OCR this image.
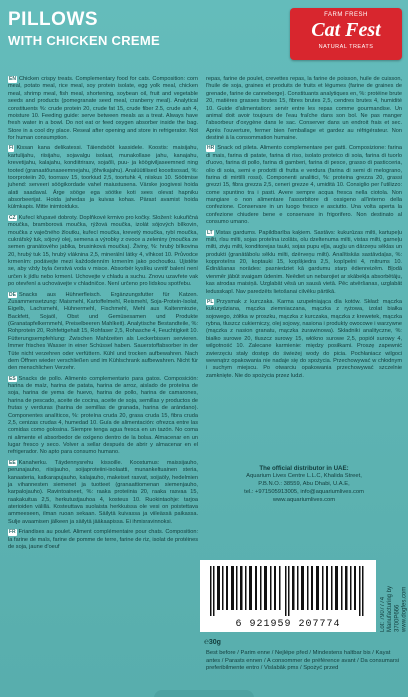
PILLOWS
WITH CHICKEN CREME
FARM FRESH
Cat Fest
NATURAL TREATS

EN Chicken crispy treats. Complementary food for cats. Composition: corn meal, potato meal, rice meal, soy protein isolate, egg yolk meal, chicken meal, shrimp meal, fish meal, shortening, soybean oil, fruit and vegetable seeds and products (pomegranate seed meal, cranberry meal). Analytical constituents %: crude protein 20, crude fat 15, crude fiber 2.5, crude ash 4, moisture 10. Feeding guide: serve between meals as a treat. Always have fresh water in a bowl. Do not eat or feed oxygen absorber inside the bag. Store in a cool dry place. Reseal after opening and store in refrigerator. Not for human consumption.

FI Kissan kana delikatessi. Täiendsööt kassidele. Koostis: maisijahu, kartulijahu, riisijahu, sojavalgu isolaat, munakollase jahu, kanajahu, krevetijahu, kalajahu, kondiitrirasv, sojaõli, puu- ja köögiviljaseemned ning tooted (granaatõunaseemnejahu, jõhvikajahu). Analüütilised koostisosad, %: toorproteiin 20, toorrasv 15, toorkiud 2,5, toortuhk 4, niiskus 10. Söötmise juhend: serveeri söögikordade vahel maiustusena. Värske joogivesi hoida alati saadaval. Ärge sööge ega söötke koti sees olevat hapniku absorbeerijat. Hoida jahedas ja kuivas kohas. Pärast avamist hoida külmkapis. Mitte inimtoiduks.

CZ Kuřecí křupavé dobroty. Doplňkové krmivo pro kočky. Složení: kukuřičná moučka, bramborová moučka, rýžová moučka, izolát sójových bílkovin, moučka z vaječného žloutku, kuřecí moučka, krevetý moučka, rybí moučka, cukrářský tuk, sójový olej, semena a výrobky z ovoce a zeleniny (moučka ze semen granátového jablka, brusinková moučka). Živiny, %: hrubý bílkovina 20, hrubý tuk 15, hrubý vláknina 2,5, minerální látky 4, vlhkost 10. Průvodce krmením: podávejte mezi každodenním krmením jako pochoutku. Ujistěte se, aby vždy byla čerstvá voda v misce. Absorbér kyslíku uvnitř balení není určen k jídlu nebo krmení. Uchovejte v chladu a suchu. Znovu uzavřete vak po otevření a uchovávejte v chladničce. Není určeno pro lidskou spotřebu.

DE Snacks aus Hühnerfleisch. Ergänzungsfutter für Katzen. Zusammensetzung: Maismehl, Kartoffelmehl, Reismehl, Soja-Protein-Isolat, Eigelb, Lachsmehl, Hühnermehl, Fischmehl, Mehl aus Kaltenmiozie, Backfett, Sojaöl, Obst und Gemüsesamen und Produkte (Granatapfelkernmehl, Preiselbeeren Mahlkeit). Analytische Bestandteile, %: Rohprotein 20, Rohfettgehalt 15, Rohfaser 2,5, Rohasche 4, Feuchtigkeit 10. Fütterungsempfehlung: Zwischen Mahlzeiten als Leckerbissen servieren. Immer frisches Wasser in einer Schüssel haben. Sauerstoffabsorber in der Tüte nicht verzehren oder verfüttern. Kühl und trocken aufbewahren. Nach dem Öffnen wieder verschließen und im Kühlschrank aufbewahren. Nicht für den menschlichen Verzehr.

ES Snacks de pollo. Alimento complementario para gatos. Composición: harina de maíz, harina de patata, harina de arroz, aislado de proteína de soja, harina de yema de huevo, harina de pollo, harina de camarones, harina de pescado, aceite de cocina, aceite de soja, semillas y productos de frutas y verduras (harina de semillas de granada, harina de arándano). Componentes analíticos, %: proteína cruda 20, grasa cruda 15, fibra cruda 2,5, cenizas crudas 4, humedad 10. Guía de alimentación: ofrezca entre las comidas como golosina. Siempre tenga agua fresca en un tazón. No coma ni alimente el absorbedor de oxígeno dentro de la bolsa. Almacenar en un lugar fresco y seco. Volver a sellar después de abrir y almacenar en el refrigerador. No apto para consumo humano.

EE Kanaherku. Täydennysrehu kissoille. Koostumus: maissijauho, perunajauho, riisijauho, soijaproteiini-isolaatti, munankeltuainen steria, kanaateria, katkarapujauho, kalajauho, makeiset rasvat, soijaöly, hedelmien ja vihannesten siemenet ja tuotteet (granaattiomenan siemenjauho, karpalojauho). Ravintoaineet, %: raaka proteiinia 20, raaka rasvaa 15, raakakuitua 2,5, herkutustjauhoa 4, kosteus 10. Ruokintaohje: tarjoa aterioiden välillä. Kosteuttava suolaista herkkuissa ole vesi on poistettava ammeeseen, ilman ruoan sekaan. Säilytä kuivassa ja viileässä paikassa. Sulje avaamisen jälkeen ja säilytä jääkaapissa. Ei ihmisravinnoksi.

FR Friandises au poulet. Aliment complémentaire pour chats. Composition: la farine de maïs, farine de pomme de terre, farine de riz, isolat de protéines de soja, jaune d'oeuf

repas, farine de poulet, crevettes repas, la farine de poisson, huile de cuisson, l'huile de soja, graines et produits de fruits et légumes (farine de graines de grenade, farine de canneberge). Constituants analytiques en, %: protéine brute 20, matières grasses brutes 15, fibres brutes 2,5, cendres brutes 4, humidité 10. Guide d'alimentation: servir entre les repas comme gourmandise. Un animal doit avoir toujours de l'eau fraîche dans son bol. Ne pas manger l'absorbeur d'oxygène dans le sac. Conserver dans un endroit frais et sec. Après l'ouverture, fermer bien l'emballage et gardez au réfrigérateur. Non destiné à la consommation humaine.

HR Snack od pileta. Alimento complementare per gatti. Composizione: farina di mais, farina di patate, farina di riso, isolato proteico di soia, farina di tuorlo d'uovo, farina di pollo, farina di gamberi, farina di pesce, grasso di pasticceria, olio di soia, semi e prodotti di frutta e verdura (farina di semi di melograno, farina di mirtilli rossi). Componenti analitici, %: proteina grezza 20, grassi grezzi 15, fibra grezza 2,5, ceneri grezze 4, umidità 10. Consiglio per l'utilizzo: come spuntino tra i pasti. Avere sempre acqua fresca nella ciotola. Non mangiare o non alimentare l'assorbitore di ossigeno all'interno della confezione. Conservare in un luogo fresco e asciutto. Una volta aperta la confezione chiudere bene e conservare in frigorifero. Non destinato al consumo umano.

LT Vistas gardums. Papildbarība kaķiem. Sastāvs: kukurūzas milti, kartupeļu milti, rīsu milti, sojas proteīna izolāts, olu dzeltenuma milti, vistas milti, garneļu milti, zivju milti, konditorejas tauki, sojas pupu eļļa, augļu un dārzeņu sēklas un produkti (granātābolu sēklu milti, dzērveņu milti). Analītiskās sastāvdaļas, %: kopproteīns 20, koptauki 15, kopšķiedra 2,5, kopīpelni 4, mitrums 10. Ēdināšanas norādes: pasniedziet kā gardumu starp ēdienreizēm. Bļodā vienmēr jābūt svaigam ūdenim. Neēdiet un nebarojiet ar skābekļa absorbētāju, kas atrodas maisiņā. Uzglabāt vēsā un sausā vietā. Pēc atvēršanas, uzglabāt ledusskapī. Nav paredzēts lietošanai cilvēku pārtikā.

PL Przysmak z kurczaka. Karma uzupełniająca dla kotów. Skład: mączka kukurydziana, mączka ziemniaczana, mączka z ryżowa, izolat białka sojowego, żółtka w proszku, mączka z kurczaka, mączka z krewetek, mączka rybna, tłuszcz cukierniczy, olej sojowy, nasiona i produkty owocowe i warzywne (mączka z nasion granatu, mączka żurawinowa). Składniki analityczne, %: białko surowe 20, tłuszcz surowy 15, włókno surowe 2,5, popiół surowy 4, wilgotność 10. Zalecane karmienie: między posiłkami. Proszę zapewnić zwierzęciu stały dostęp do świeżej wody do picia. Pochłaniacz wilgoci wewnątrz opakowania nie nadaje się do spożycia. Przechowywać w chłodnym i suchym miejscu. Po otwarciu opakowania przechowywać szczelnie zamknięte. Nie do spożycia przez ludzi.

The official distributor in UAE:
Aquarium Lives Centre L.L.C, Khalida Street,
P.B.N.O.: 38559, Abu Dhabi, U.A.E,
tel.: +971505913005, info@aquariumlives.com
www.aquariumlives.com
6 921959 207774	Lot: 7907774 Manufacturing by 3700P666 www.dogfes.com
℮30g
Best before / Parim enne / Nejlépe před / Mindestens haltbar bis / Kayat antes / Parasts ennen / A consommer de préférence avant / Da consumarsi preferibilmente entro / Vislabāk pms / Spożyć przed
